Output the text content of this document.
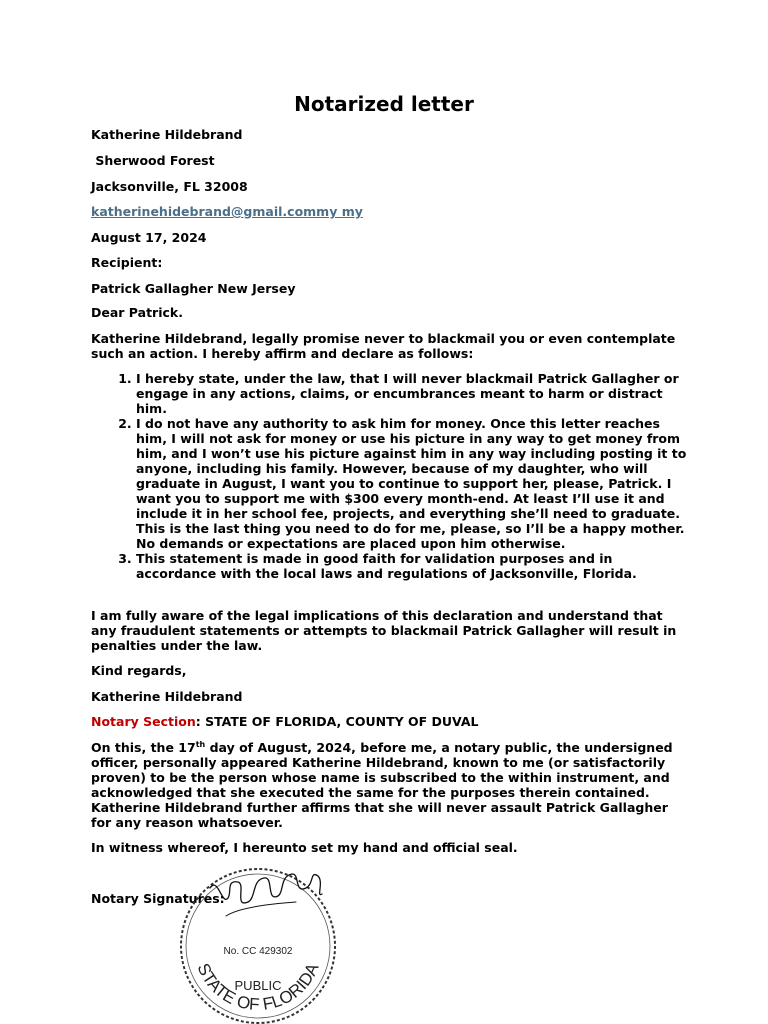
Notarized letter
Katherine Hildebrand
Sherwood Forest
Jacksonville, FL 32008
katherinehidebrand@gmail.commy my
August 17, 2024
Recipient:
Patrick Gallagher New Jersey
Dear Patrick.
Katherine Hildebrand, legally promise never to blackmail you or even contemplate such an action. I hereby affirm and declare as follows:
1. I hereby state, under the law, that I will never blackmail Patrick Gallagher or engage in any actions, claims, or encumbrances meant to harm or distract him.
2. I do not have any authority to ask him for money. Once this letter reaches him, I will not ask for money or use his picture in any way to get money from him, and I won’t use his picture against him in any way including posting it to anyone, including his family. However, because of my daughter, who will graduate in August, I want you to continue to support her, please, Patrick. I want you to support me with $300 every month-end. At least I’ll use it and include it in her school fee, projects, and everything she’ll need to graduate. This is the last thing you need to do for me, please, so I’ll be a happy mother. No demands or expectations are placed upon him otherwise.
3. This statement is made in good faith for validation purposes and in accordance with the local laws and regulations of Jacksonville, Florida.
I am fully aware of the legal implications of this declaration and understand that any fraudulent statements or attempts to blackmail Patrick Gallagher will result in penalties under the law.
Kind regards,
Katherine Hildebrand
Notary Section: STATE OF FLORIDA, COUNTY OF DUVAL
On this, the 17th day of August, 2024, before me, a notary public, the undersigned officer, personally appeared Katherine Hildebrand, known to me (or satisfactorily proven) to be the person whose name is subscribed to the within instrument, and acknowledged that she executed the same for the purposes therein contained. Katherine Hildebrand further affirms that she will never assault Patrick Gallagher for any reason whatsoever.
In witness whereof, I hereunto set my hand and official seal.
Notary Signatures:
No. CC 429302
PUBLIC
STATE OF FLORIDA
